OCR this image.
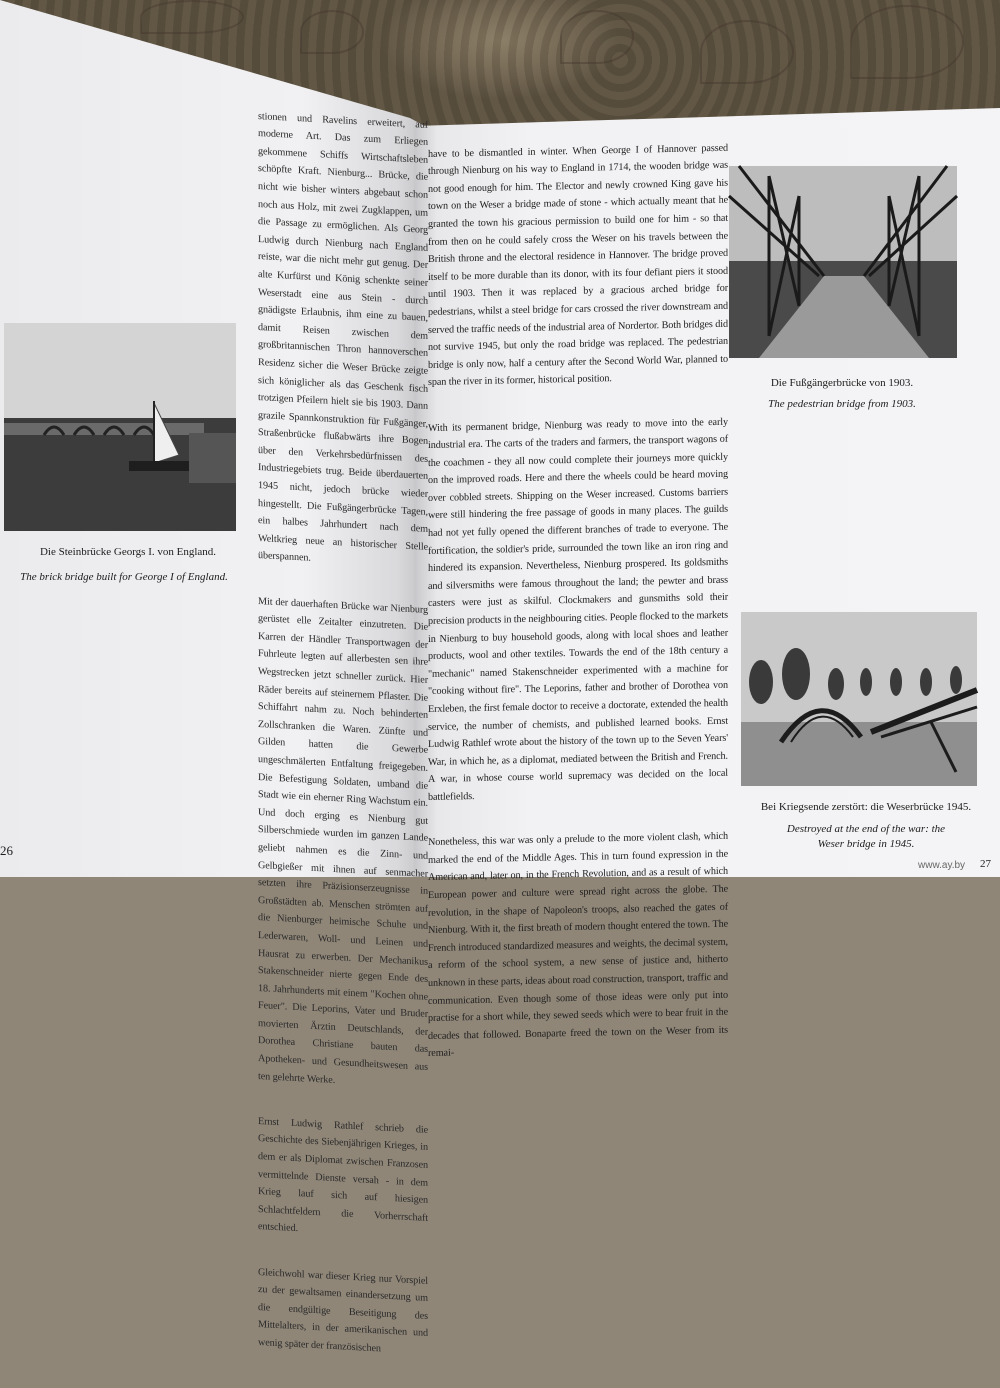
stionen und Ravelins erweitert, auf moderne Art. Das zum Erliegen gekommene Schiffs Wirtschaftsleben schöpfte Kraft. Nienburg... Brücke, die nicht wie bisher winters abgebaut schon noch aus Holz, mit zwei Zugklappen, um die Passage zu ermöglichen. Als Georg Ludwig durch Nienburg nach England reiste, war die nicht mehr gut genug. Der alte Kurfürst und König schenkte seiner Weserstadt eine aus Stein - durch gnädigste Erlaubnis, ihm eine zu bauen, damit Reisen zwischen dem großbritannischen Thron hannoverschen Residenz sicher die Weser Brücke zeigte sich königlicher als das Geschenk fisch trotzigen Pfeilern hielt sie bis 1903. Dann grazile Spannkonstruktion für Fußgänger, Straßenbrücke flußabwärts ihre Bogen über den Verkehrsbedürfnissen des Industriegebiets trug. Beide überdauerten 1945 nicht, jedoch brücke wieder hingestellt. Die Fußgängerbrücke Tagen, ein halbes Jahrhundert nach dem Weltkrieg neue an historischer Stelle überspannen.

Mit der dauerhaften Brücke war Nienburg gerüstet elle Zeitalter einzutreten. Die Karren der Händler Transportwagen der Fuhrleute legten auf allerbesten sen ihre Wegstrecken jetzt schneller zurück. Hier Räder bereits auf steinernem Pflaster. Die Schiffahrt nahm zu. Noch behinderten Zollschranken die Waren. Zünfte und Gilden hatten die Gewerbe ungeschmälerten Entfaltung freigegeben. Die Befestigung Soldaten, umband die Stadt wie ein eherner Ring Wachstum ein. Und doch erging es Nienburg gut Silberschmiede wurden im ganzen Lande geliebt nahmen es die Zinn- und Gelbgießer mit ihnen auf senmacher setzten ihre Präzisionserzeugnisse in Großstädten ab. Menschen strömten auf die Nienburger heimische Schuhe und Lederwaren, Woll- und Leinen und Hausrat zu erwerben. Der Mechanikus Stakenschneider nierte gegen Ende des 18. Jahrhunderts mit einem "Kochen ohne Feuer". Die Leporins, Vater und Bruder movierten Ärztin Deutschlands, der Dorothea Christiane bauten das Apotheken- und Gesundheitswesen aus ten gelehrte Werke.

Ernst Ludwig Rathlef schrieb die Geschichte des Siebenjährigen Krieges, in dem er als Diplomat zwischen Franzosen vermittelnde Dienste versah - in dem Krieg lauf sich auf hiesigen Schlachtfeldern die Vorherrschaft entschied.

Gleichwohl war dieser Krieg nur Vorspiel zu der gewaltsamen einandersetzung um die endgültige Beseitigung des Mittelalters, in der amerikanischen und wenig später der französischen

Die Steinbrücke Georgs I. von England.
The brick bridge built for George I of England.
26

have to be dismantled in winter. When George I of Hannover passed through Nienburg on his way to England in 1714, the wooden bridge was not good enough for him. The Elector and newly crowned King gave his town on the Weser a bridge made of stone - which actually meant that he granted the town his gracious permission to build one for him - so that from then on he could safely cross the Weser on his travels between the British throne and the electoral residence in Hannover. The bridge proved itself to be more durable than its donor, with its four defiant piers it stood until 1903. Then it was replaced by a gracious arched bridge for pedestrians, whilst a steel bridge for cars crossed the river downstream and served the traffic needs of the industrial area of Nordertor. Both bridges did not survive 1945, but only the road bridge was replaced. The pedestrian bridge is only now, half a century after the Second World War, planned to span the river in its former, historical position.

With its permanent bridge, Nienburg was ready to move into the early industrial era. The carts of the traders and farmers, the transport wagons of the coachmen - they all now could complete their journeys more quickly on the improved roads. Here and there the wheels could be heard moving over cobbled streets. Shipping on the Weser increased. Customs barriers were still hindering the free passage of goods in many places. The guilds had not yet fully opened the different branches of trade to everyone. The fortification, the soldier's pride, surrounded the town like an iron ring and hindered its expansion. Nevertheless, Nienburg prospered. Its goldsmiths and silversmiths were famous throughout the land; the pewter and brass casters were just as skilful. Clockmakers and gunsmiths sold their precision products in the neighbouring cities. People flocked to the markets in Nienburg to buy household goods, along with local shoes and leather products, wool and other textiles. Towards the end of the 18th century a "mechanic" named Stakenschneider experimented with a machine for "cooking without fire". The Leporins, father and brother of Dorothea von Erxleben, the first female doctor to receive a doctorate, extended the health service, the number of chemists, and published learned books. Ernst Ludwig Rathlef wrote about the history of the town up to the Seven Years' War, in which he, as a diplomat, mediated between the British and French. A war, in whose course world supremacy was decided on the local battlefields.

Nonetheless, this war was only a prelude to the more violent clash, which marked the end of the Middle Ages. This in turn found expression in the American and, later on, in the French Revolution, and as a result of which European power and culture were spread right across the globe. The revolution, in the shape of Napoleon's troops, also reached the gates of Nienburg. With it, the first breath of modern thought entered the town. The French introduced standardized measures and weights, the decimal system, a reform of the school system, a new sense of justice and, hitherto unknown in these parts, ideas about road construction, transport, traffic and communication. Even though some of those ideas were only put into practise for a short while, they sewed seeds which were to bear fruit in the decades that followed. Bonaparte freed the town on the Weser from its remai-

Die Fußgängerbrücke von 1903.
The pedestrian bridge from 1903.
Bei Kriegsende zerstört: die Weserbrücke 1945.
Destroyed at the end of the war: the Weser bridge in 1945.
www.ay.by 27
